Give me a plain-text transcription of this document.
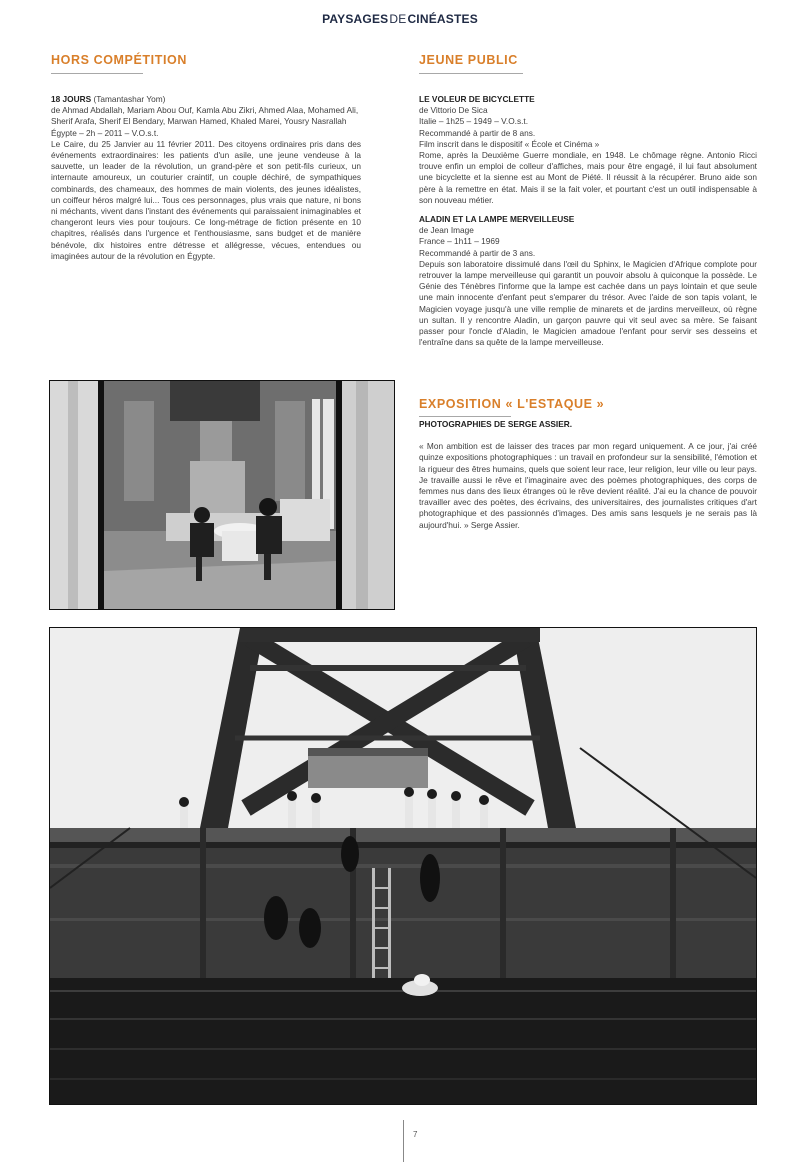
PAYSAGESDECINÉASTES
HORS COMPÉTITION

18 JOURS (Tamantashar Yom)

de Ahmad Abdallah, Mariam Abou Ouf, Kamla Abu Zikri, Ahmed Alaa, Mohamed Ali, Sherif Arafa, Sherif El Bendary, Marwan Hamed, Khaled Marei, Yousry Nasrallah

Égypte – 2h – 2011 – V.O.s.t.

Le Caire, du 25 Janvier au 11 février 2011. Des citoyens ordinaires pris dans des événements extraordinaires: les patients d'un asile, une jeune vendeuse à la sauvette, un leader de la révolution, un grand-père et son petit-fils curieux, un internaute amoureux, un couturier craintif, un couple déchiré, de sympathiques combinards, des chameaux, des hommes de main violents, des jeunes idéalistes, un coiffeur héros malgré lui... Tous ces personnages, plus vrais que nature, ni bons ni méchants, vivent dans l'instant des événements qui paraissaient inimaginables et changeront leurs vies pour toujours. Ce long-métrage de fiction présente en 10 chapitres, réalisés dans l'urgence et l'enthousiasme, sans budget et de manière bénévole, dix histoires entre détresse et allégresse, vécues, entendues ou imaginées autour de la révolution en Égypte.

JEUNE PUBLIC

LE VOLEUR DE BICYCLETTE

de Vittorio De Sica

Italie – 1h25 – 1949 – V.O.s.t.

Recommandé à partir de 8 ans.

Film inscrit dans le dispositif « École et Cinéma »

Rome, après la Deuxième Guerre mondiale, en 1948. Le chômage règne. Antonio Ricci trouve enfin un emploi de colleur d'affiches, mais pour être engagé, il lui faut absolument une bicyclette et la sienne est au Mont de Piété. Il réussit à la récupérer. Bruno aide son père à la remettre en état. Mais il se la fait voler, et pourtant c'est un outil indispensable à son nouveau métier.

ALADIN ET LA LAMPE MERVEILLEUSE

de Jean Image

France – 1h11 – 1969

Recommandé à partir de 3 ans.

Depuis son laboratoire dissimulé dans l'œil du Sphinx, le Magicien d'Afrique complote pour retrouver la lampe merveilleuse qui garantit un pouvoir absolu à quiconque la possède. Le Génie des Ténèbres l'informe que la lampe est cachée dans un pays lointain et que seule une main innocente d'enfant peut s'emparer du trésor. Avec l'aide de son tapis volant, le Magicien voyage jusqu'à une ville remplie de minarets et de jardins merveilleux, où règne un sultan. Il y rencontre Aladin, un garçon pauvre qui vit seul avec sa mère. Se faisant passer pour l'oncle d'Aladin, le Magicien amadoue l'enfant pour servir ses desseins et l'entraîne dans sa quête de la lampe merveilleuse.

EXPOSITION « L'ESTAQUE »

PHOTOGRAPHIES DE SERGE ASSIER.

« Mon ambition est de laisser des traces par mon regard uniquement. A ce jour, j'ai créé quinze expositions photographiques : un travail en profondeur sur la sensibilité, l'émotion et la rigueur des êtres humains, quels que soient leur race, leur religion, leur ville ou leur pays. Je travaille aussi le rêve et l'imaginaire avec des poèmes photographiques, des corps de femmes nus dans des lieux étranges où le rêve devient réalité. J'ai eu la chance de pouvoir travailler avec des poètes, des écrivains, des universitaires, des journalistes critiques d'art photographique et des passionnés d'images. Des amis sans lesquels je ne serais pas là aujourd'hui. » Serge Assier.

7
